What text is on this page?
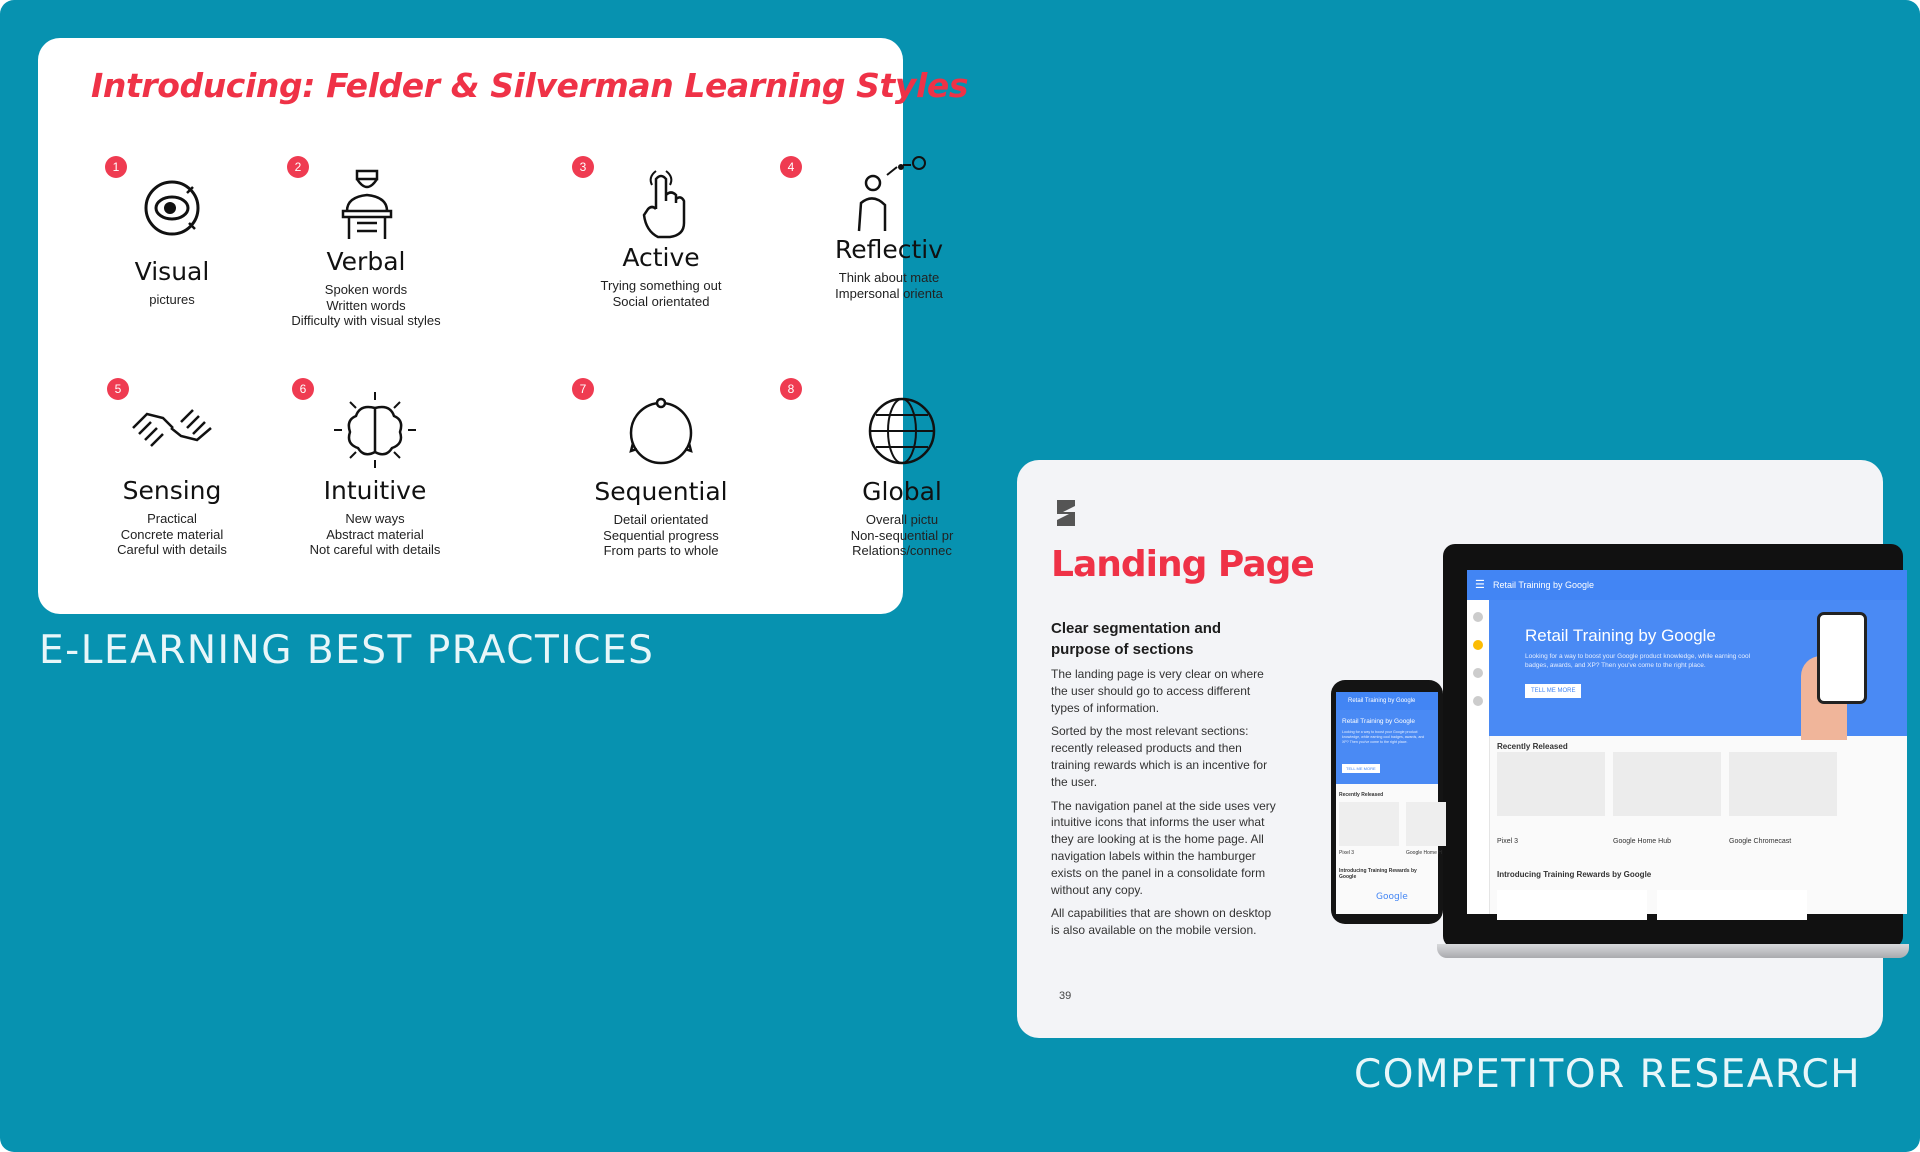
Introducing: Felder & Silverman Learning Styles
1
Visual
pictures
2
Verbal
Spoken words
Written words
Difficulty with visual styles
3
Active
Trying something out
Social orientated
4
Reflectiv
Think about mate
Impersonal orienta
5
Sensing
Practical
Concrete material
Careful with details
6
Intuitive
New ways
Abstract material
Not careful with details
7
Sequential
Detail orientated
Sequential progress
From parts to whole
8
Global
Overall pictu
Non-sequential pr
Relations/connec
E-LEARNING BEST PRACTICES
Landing Page
Clear segmentation and purpose of sections

The landing page is very clear on where the user should go to access different types of information.

Sorted by the most relevant sections: recently released products and then training rewards which is an incentive for the user.

The navigation panel at the side uses very intuitive icons that informs the user what they are looking at is the home page. All navigation labels within the hamburger exists on the panel in a consolidate form without any copy.

All capabilities that are shown on desktop is also available on the mobile version.

39
☰ Retail Training by Google
Retail Training by Google
Looking for a way to boost your Google product knowledge, while earning cool badges, awards, and XP? Then you've come to the right place.
TELL ME MORE
Recently Released
Pixel 3	Google Home Hub	Google Chromecast
Introducing Training Rewards by Google
Retail Training by Google
Retail Training by Google
Looking for a way to boost your Google product knowledge, while earning cool badges, awards, and XP? Then you've come to the right place.
TELL ME MORE
Recently Released
Pixel 3	Google Home H
Introducing Training Rewards by Google
Google
COMPETITOR RESEARCH
